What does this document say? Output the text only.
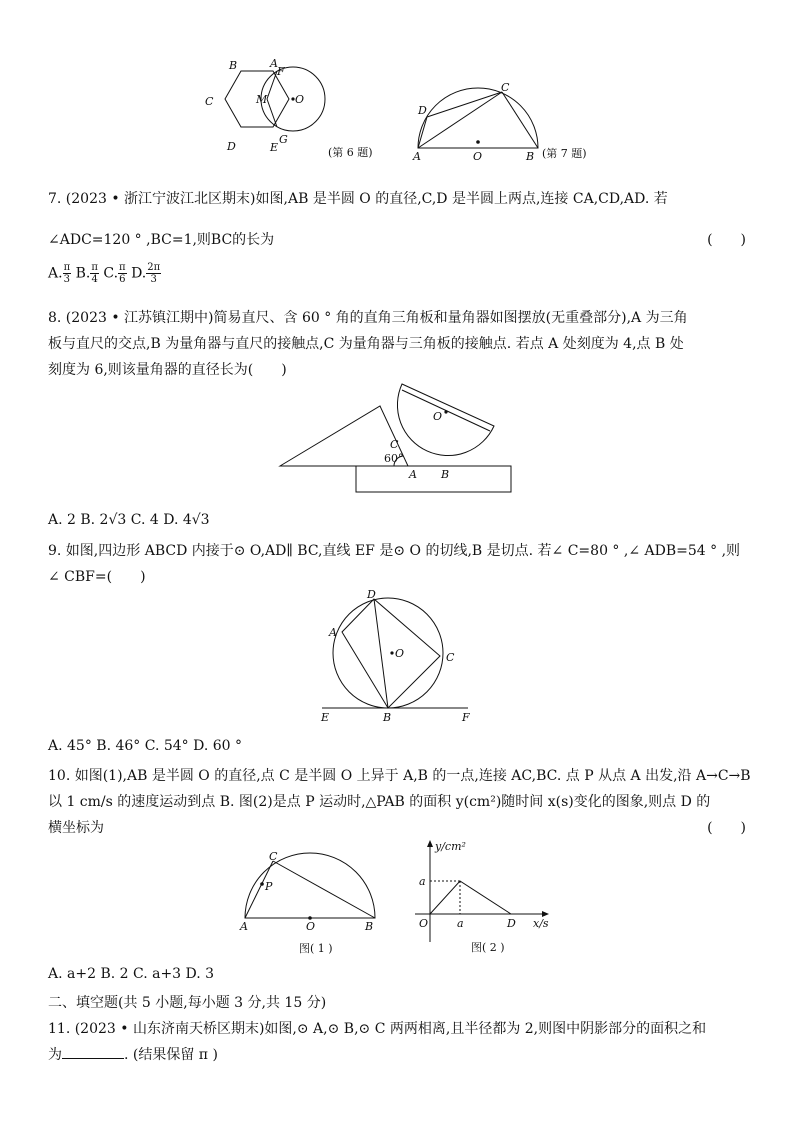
B	A
F
C	M	O
D	E
G
(第 6 题)
D
C
A	O	B (第 7 题)
7. (2023 • 浙江宁波江北区期末)如图,AB 是半圆 O 的直径,C,D 是半圆上两点,连接 CA,CD,AD. 若
∠ADC=120 ° ,BC=1,则BC的长为	(　　)
A. $\frac{\pi}{3} B$. $\frac{\pi}{4} C$. $\frac{\pi}{6} D$. $\frac{2\pi}{3}$
8. (2023 • 江苏镇江期中)简易直尺、含 60 ° 角的直角三角板和量角器如图摆放(无重叠部分),A 为三角
板与直尺的交点,B 为量角器与直尺的接触点,C 为量角器与三角板的接触点. 若点 A 处刻度为 4,点 B 处
刻度为 6,则该量角器的直径长为(　　)
O
C
60°
A B
A. 2 B. 2√3 C. 4 D. 4√3
9. 如图,四边形 ABCD 内接于⊙ O,AD∥ BC,直线 EF 是⊙ O 的切线,B 是切点. 若∠ C=80 ° ,∠ ADB=54 ° ,则
∠ CBF=(　　)
D
A
O	C
E	B	F
A. 45° B. 46° C. 54° D. 60 °
10. 如图(1),AB 是半圆 O 的直径,点 C 是半圆 O 上异于 A,B 的一点,连接 AC,BC. 点 P 从点 A 出发,沿 A→C→B
以 1 cm/s 的速度运动到点 B. 图(2)是点 P 运动时,△PAB 的面积 y(cm²)随时间 x(s)变化的图象,则点 D 的
横坐标为	(　　)
C
P
A	O	B
图( 1 )
y/cm²
a
O	a	D x/s
图( 2 )
A. a+2 B. 2 C. a+3 D. 3
二、填空题(共 5 小题,每小题 3 分,共 15 分)
11. (2023 • 山东济南天桥区期末)如图,⊙ A,⊙ B,⊙ C 两两相离,且半径都为 2,则图中阴影部分的面积之和
为	. (结果保留 π )
